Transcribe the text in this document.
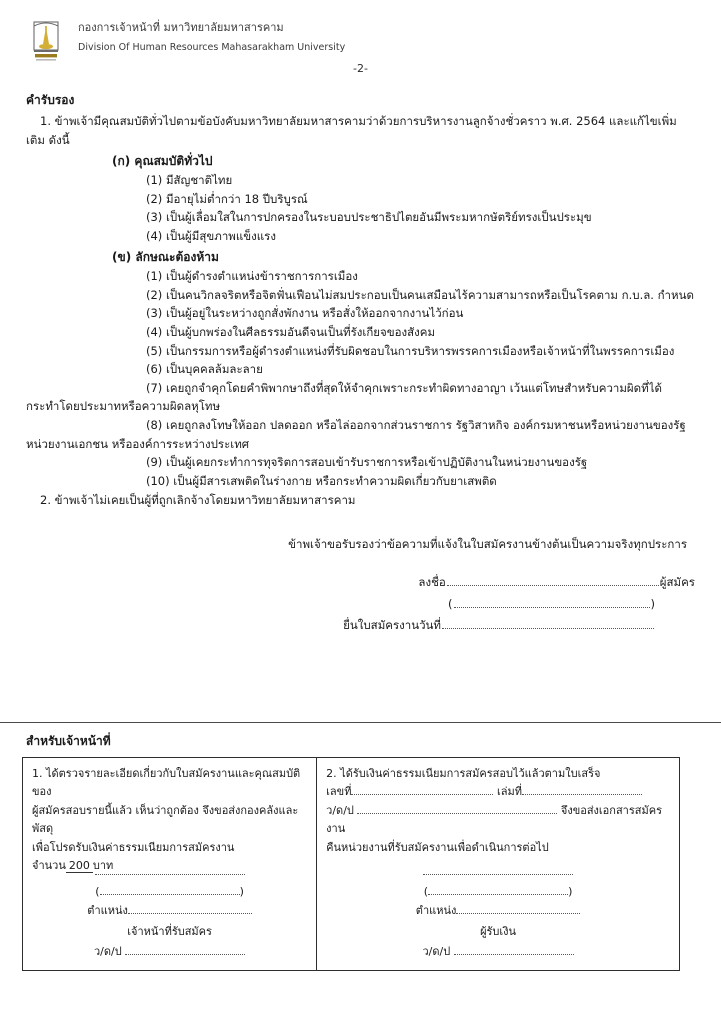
กองการเจ้าหน้าที่ มหาวิทยาลัยมหาสารคาม
Division Of Human Resources Mahasarakham University
-2-
คำรับรอง

1. ข้าพเจ้ามีคุณสมบัติทั่วไปตามข้อบังคับมหาวิทยาลัยมหาสารคามว่าด้วยการบริหารงานลูกจ้างชั่วคราว พ.ศ. 2564 และแก้ไขเพิ่มเติม ดังนี้

(ก) คุณสมบัติทั่วไป

(1) มีสัญชาติไทย

(2) มีอายุไม่ต่ำกว่า 18 ปีบริบูรณ์

(3) เป็นผู้เลื่อมใสในการปกครองในระบอบประชาธิปไตยอันมีพระมหากษัตริย์ทรงเป็นประมุข

(4) เป็นผู้มีสุขภาพแข็งแรง

(ข) ลักษณะต้องห้าม

(1) เป็นผู้ดำรงตำแหน่งข้าราชการการเมือง

(2) เป็นคนวิกลจริตหรือจิตฟั่นเฟือนไม่สมประกอบเป็นคนเสมือนไร้ความสามารถหรือเป็นโรคตาม ก.บ.ล. กำหนด

(3) เป็นผู้อยู่ในระหว่างถูกสั่งพักงาน หรือสั่งให้ออกจากงานไว้ก่อน

(4) เป็นผู้บกพร่องในศีลธรรมอันดีจนเป็นที่รังเกียจของสังคม

(5) เป็นกรรมการหรือผู้ดำรงตำแหน่งที่รับผิดชอบในการบริหารพรรคการเมืองหรือเจ้าหน้าที่ในพรรคการเมือง

(6) เป็นบุคคลล้มละลาย

(7) เคยถูกจำคุกโดยคำพิพากษาถึงที่สุดให้จำคุกเพราะกระทำผิดทางอาญา เว้นแต่โทษสำหรับความผิดที่ได้กระทำโดยประมาทหรือความผิดลหุโทษ

(8) เคยถูกลงโทษให้ออก ปลดออก หรือไล่ออกจากส่วนราชการ รัฐวิสาหกิจ องค์กรมหาชนหรือหน่วยงานของรัฐ หน่วยงานเอกชน หรือองค์การระหว่างประเทศ

(9) เป็นผู้เคยกระทำการทุจริตการสอบเข้ารับราชการหรือเข้าปฏิบัติงานในหน่วยงานของรัฐ

(10) เป็นผู้มีสารเสพติดในร่างกาย หรือกระทำความผิดเกี่ยวกับยาเสพติด

2. ข้าพเจ้าไม่เคยเป็นผู้ที่ถูกเลิกจ้างโดยมหาวิทยาลัยมหาสารคาม

ข้าพเจ้าขอรับรองว่าข้อความที่แจ้งในใบสมัครงานข้างต้นเป็นความจริงทุกประการ

ลงชื่อ	ผู้สมัคร
(	)
ยื่นใบสมัครงานวันที่
สำหรับเจ้าหน้าที่

1. ได้ตรวจรายละเอียดเกี่ยวกับใบสมัครงานและคุณสมบัติของ

ผู้สมัครสอบรายนี้แล้ว เห็นว่าถูกต้อง จึงขอส่งกองคลังและพัสดุ

เพื่อโปรดรับเงินค่าธรรมเนียมการสมัครงาน จำนวน 200 บาท

(	)
ตำแหน่ง
เจ้าหน้าที่รับสมัคร
ว/ด/ป

2. ได้รับเงินค่าธรรมเนียมการสมัครสอบไว้แล้วตามใบเสร็จ

เลขที่	เล่มที่

ว/ด/ป	จึงขอส่งเอกสารสมัครงาน

คืนหน่วยงานที่รับสมัครงานเพื่อดำเนินการต่อไป

(	)
ตำแหน่ง
ผู้รับเงิน
ว/ด/ป
